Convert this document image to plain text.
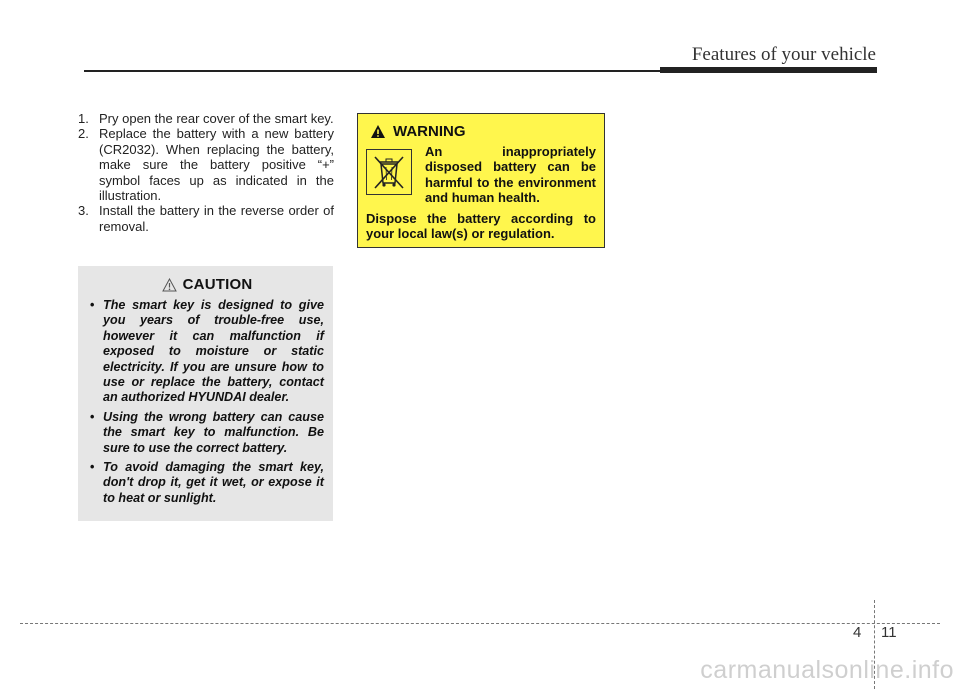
Features of your vehicle
1. Pry open the rear cover of the smart key.
2. Replace the battery with a new battery (CR2032). When replacing the battery, make sure the battery positive “+” symbol faces up as indicated in the illustration.
3. Install the battery in the reverse order of removal.
CAUTION
• The smart key is designed to give you years of trouble-free use, however it can malfunction if exposed to moisture or static electricity. If you are unsure how to use or replace the battery, contact an authorized HYUNDAI dealer.
• Using the wrong battery can cause the smart key to malfunction. Be sure to use the correct battery.
• To avoid damaging the smart key, don't drop it, get it wet, or expose it to heat or sunlight.
WARNING
An inappropriately disposed battery can be harmful to the environment and human health.
Dispose the battery according to your local law(s) or regulation.
4 11
carmanualsonline.info
